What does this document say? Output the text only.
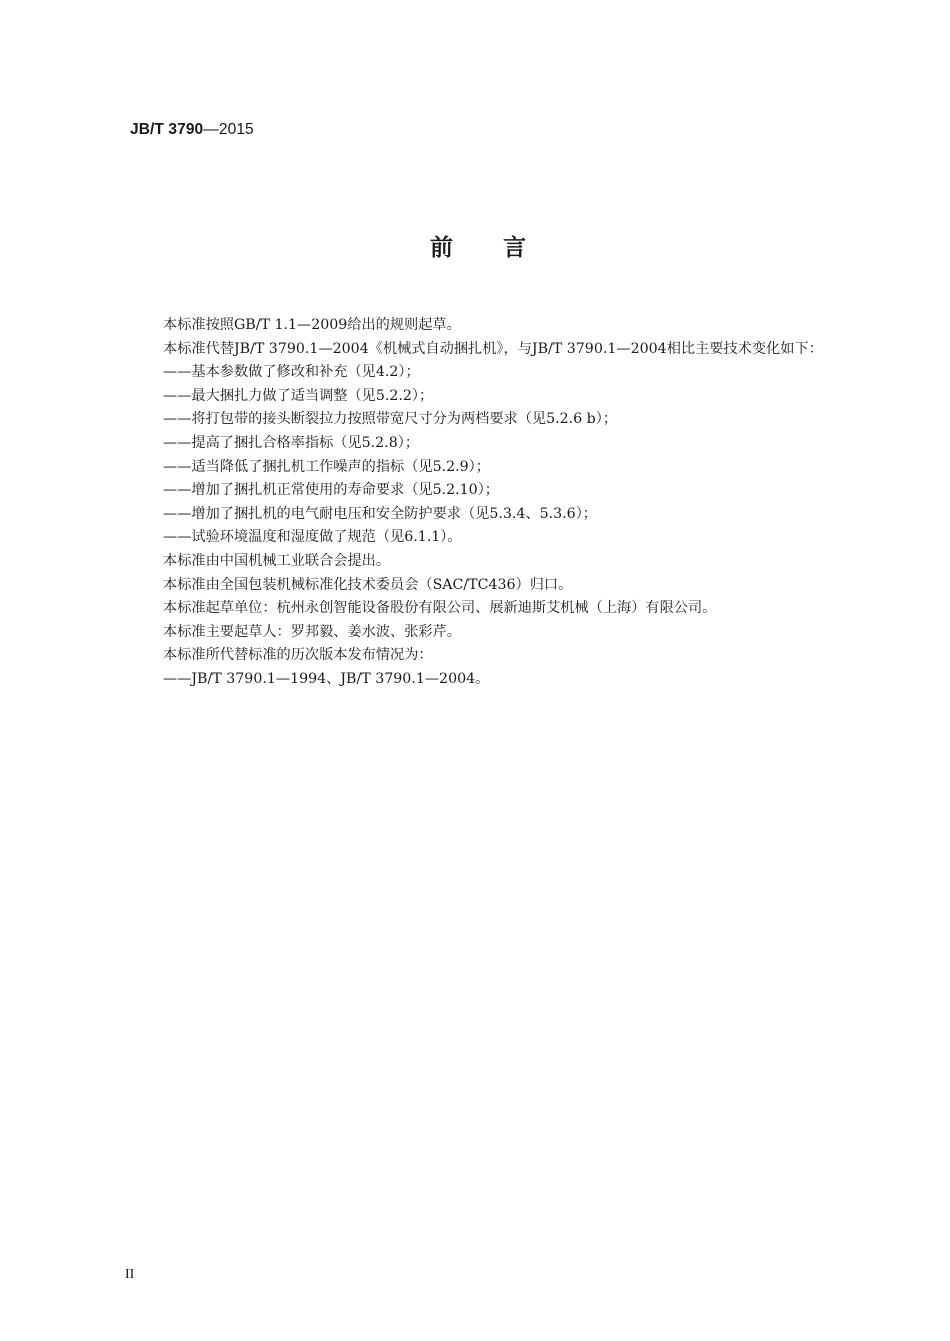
JB/T 3790—2015
前言
本标准按照GB/T 1.1—2009给出的规则起草。
本标准代替JB/T 3790.1—2004《机械式自动捆扎机》，与JB/T 3790.1—2004相比主要技术变化如下：
——基本参数做了修改和补充（见4.2）；
——最大捆扎力做了适当调整（见5.2.2）；
——将打包带的接头断裂拉力按照带宽尺寸分为两档要求（见5.2.6 b）；
——提高了捆扎合格率指标（见5.2.8）；
——适当降低了捆扎机工作噪声的指标（见5.2.9）；
——增加了捆扎机正常使用的寿命要求（见5.2.10）；
——增加了捆扎机的电气耐电压和安全防护要求（见5.3.4、5.3.6）；
——试验环境温度和湿度做了规范（见6.1.1）。
本标准由中国机械工业联合会提出。
本标准由全国包装机械标准化技术委员会（SAC/TC436）归口。
本标准起草单位：杭州永创智能设备股份有限公司、展新迪斯艾机械（上海）有限公司。
本标准主要起草人：罗邦毅、姜水波、张彩芹。
本标准所代替标准的历次版本发布情况为：
——JB/T 3790.1—1994、JB/T 3790.1—2004。
II
